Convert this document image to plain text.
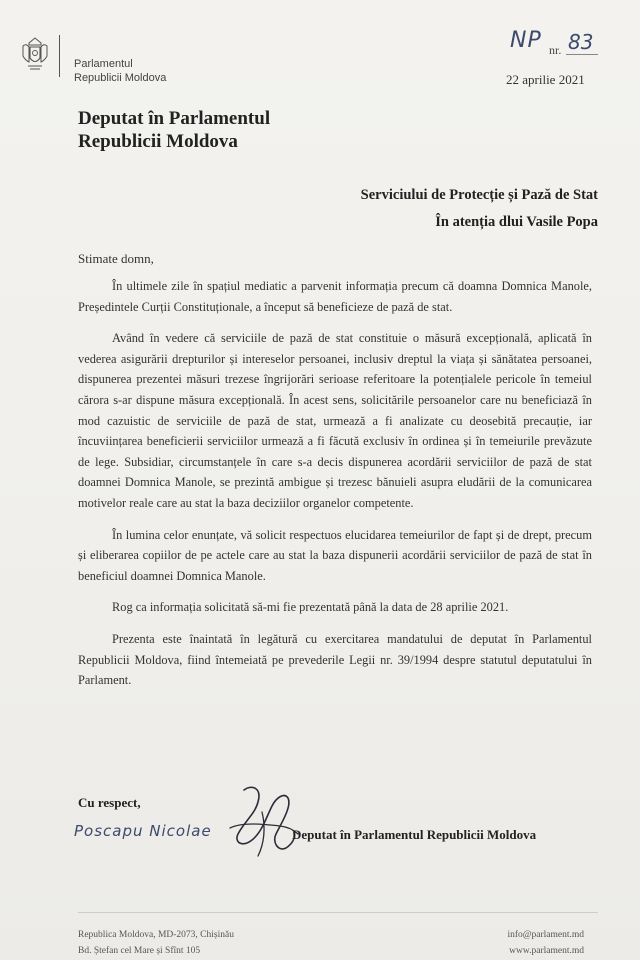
Parlamentul
Republicii Moldova
NP nr. 83
22 aprilie 2021
Deputat în Parlamentul
Republicii Moldova
Serviciului de Protecție și Pază de Stat
În atenția dlui Vasile Popa
Stimate domn,

În ultimele zile în spațiul mediatic a parvenit informația precum că doamna Domnica Manole, Președintele Curții Constituționale, a început să beneficieze de pază de stat.

Având în vedere că serviciile de pază de stat constituie o măsură excepțională, aplicată în vederea asigurării drepturilor și intereselor persoanei, inclusiv dreptul la viața și sănătatea persoanei, dispunerea prezentei măsuri trezese îngrijorări serioase referitoare la potențialele pericole în temeiul cărora s-ar dispune măsura excepțională. În acest sens, solicitările persoanelor care nu beneficiază în mod cazuistic de serviciile de pază de stat, urmează a fi analizate cu deosebită precauție, iar încuviințarea beneficierii serviciilor urmează a fi făcută exclusiv în ordinea și în temeiurile prevăzute de lege. Subsidiar, circumstanțele în care s-a decis dispunerea acordării serviciilor de pază de stat doamnei Domnica Manole, se prezintă ambigue și trezesc bănuieli asupra eludării de la comunicarea motivelor reale care au stat la baza deciziilor organelor competente.

În lumina celor enunțate, vă solicit respectuos elucidarea temeiurilor de fapt și de drept, precum și eliberarea copiilor de pe actele care au stat la baza dispunerii acordării serviciilor de pază de stat în beneficiul doamnei Domnica Manole.

Rog ca informația solicitată să-mi fie prezentată până la data de 28 aprilie 2021.

Prezenta este înaintată în legătură cu exercitarea mandatului de deputat în Parlamentul Republicii Moldova, fiind întemeiată pe prevederile Legii nr. 39/1994 despre statutul deputatului în Parlament.

Cu respect,
Poscapu Nicolae	Deputat în Parlamentul Republicii Moldova
Republica Moldova, MD-2073, Chișinău
Bd. Ștefan cel Mare și Sfînt 105
info@parlament.md
www.parlament.md
